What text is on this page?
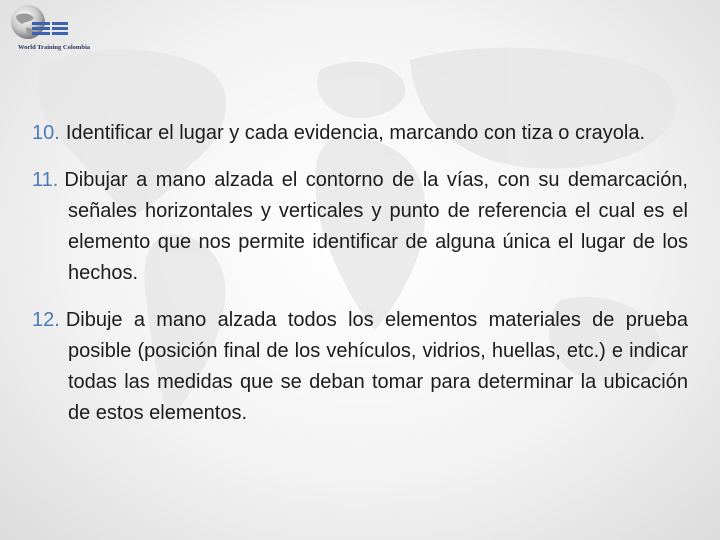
World Training Colombia

10. Identificar el lugar y cada evidencia, marcando con tiza o crayola.

11. Dibujar a mano alzada el contorno de la vías, con su demarcación, señales horizontales y verticales y punto de referencia el cual es el elemento que nos permite identificar de alguna única el lugar de los hechos.

12. Dibuje a mano alzada todos los elementos materiales de prueba posible (posición final de los vehículos, vidrios, huellas, etc.) e indicar todas las medidas que se deban tomar para determinar la ubicación de estos elementos.
